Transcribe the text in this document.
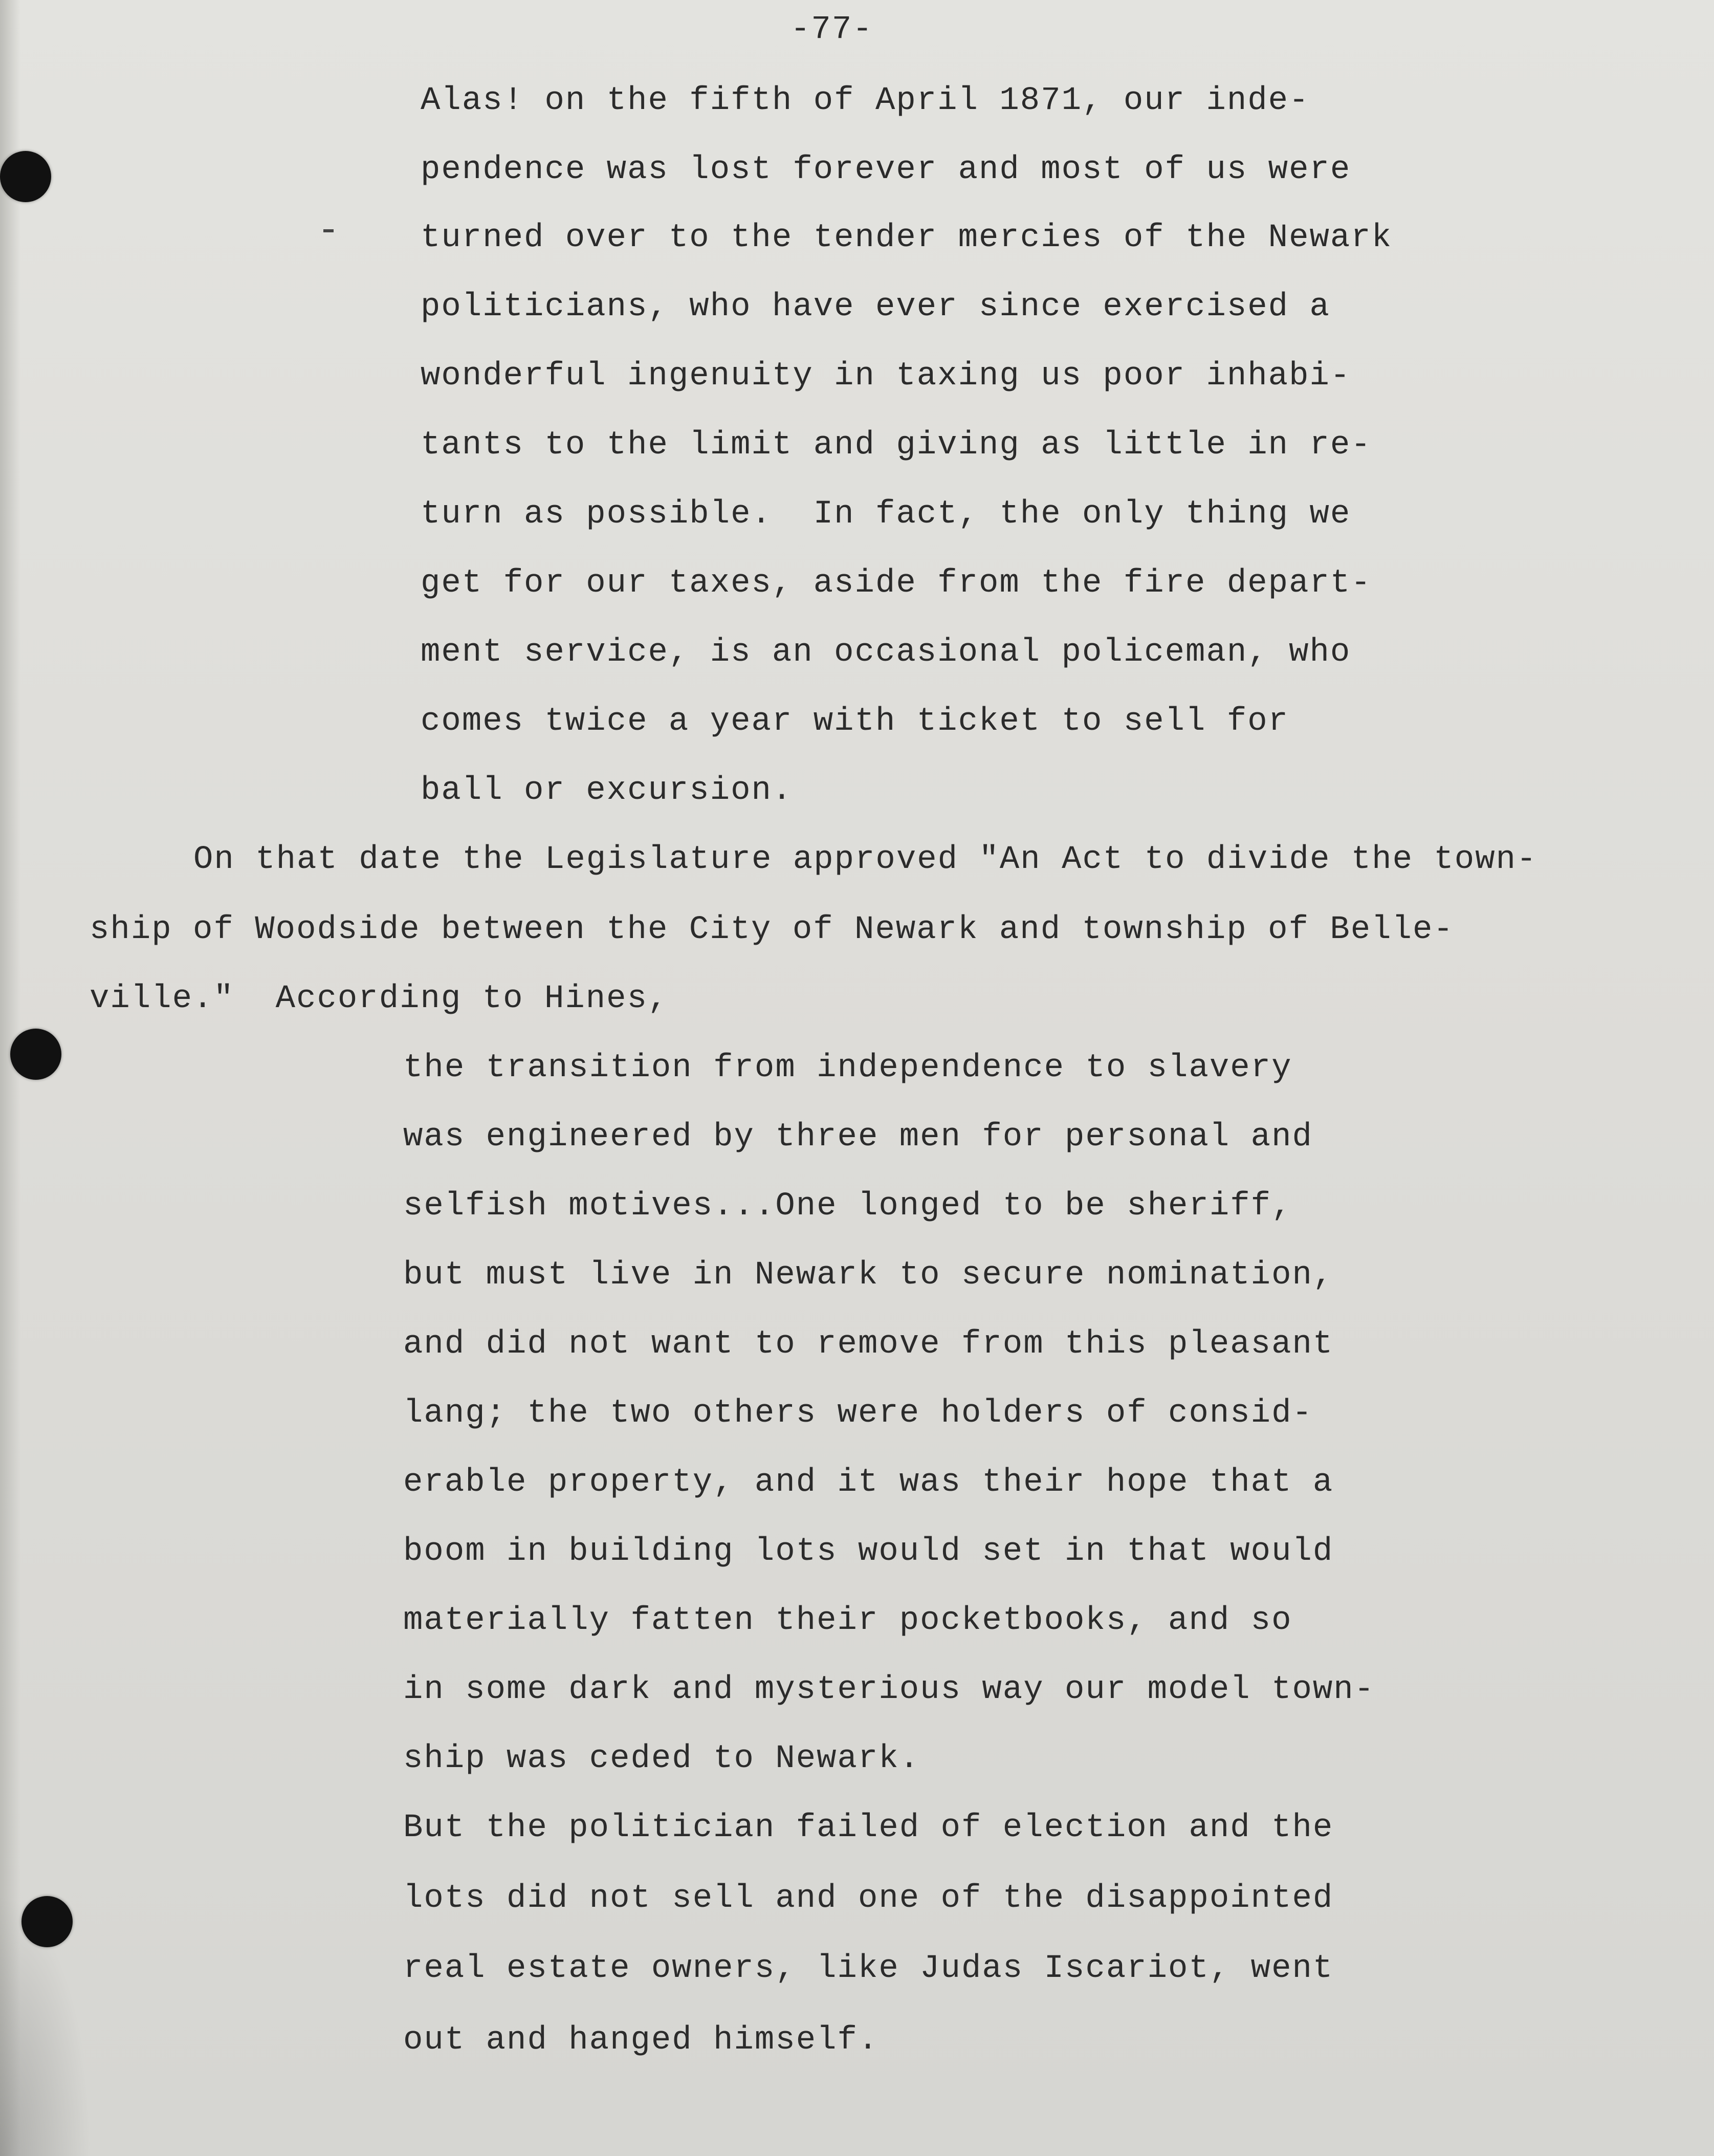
-77-
Alas! on the fifth of April 1871, our inde-
pendence was lost forever and most of us were
turned over to the tender mercies of the Newark
politicians, who have ever since exercised a
wonderful ingenuity in taxing us poor inhabi-
tants to the limit and giving as little in re-
turn as possible.  In fact, the only thing we
get for our taxes, aside from the fire depart-
ment service, is an occasional policeman, who
comes twice a year with ticket to sell for
ball or excursion.
On that date the Legislature approved "An Act to divide the town-
ship of Woodside between the City of Newark and township of Belle-
ville."  According to Hines,
the transition from independence to slavery
was engineered by three men for personal and
selfish motives...One longed to be sheriff,
but must live in Newark to secure nomination,
and did not want to remove from this pleasant
lang; the two others were holders of consid-
erable property, and it was their hope that a
boom in building lots would set in that would
materially fatten their pocketbooks, and so
in some dark and mysterious way our model town-
ship was ceded to Newark.
But the politician failed of election and the
lots did not sell and one of the disappointed
real estate owners, like Judas Iscariot, went
out and hanged himself.
